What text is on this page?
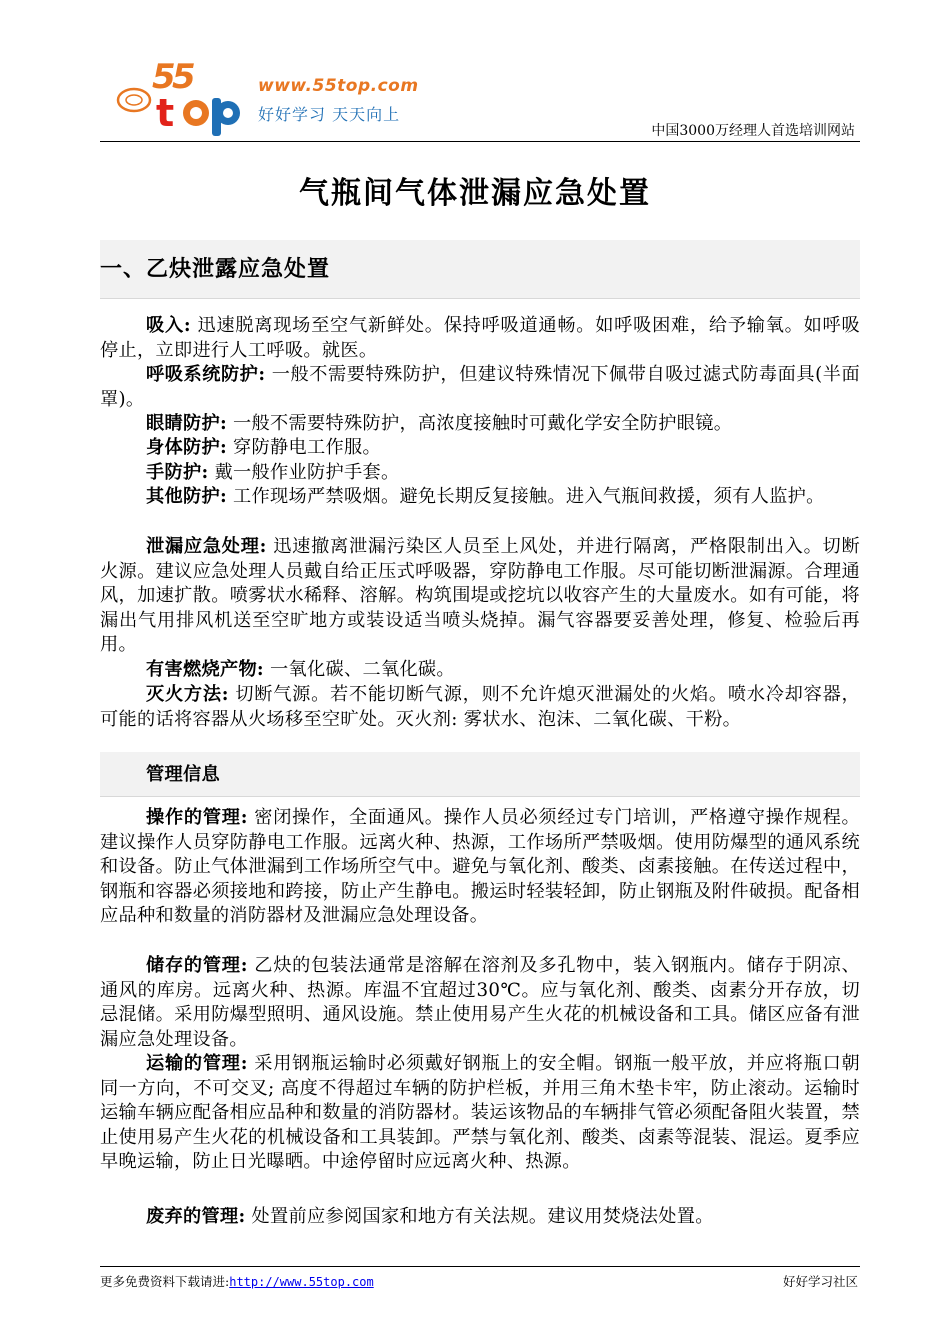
5
5
t
www.55top.com
好好学习 天天向上
中国3000万经理人首选培训网站
气瓶间气体泄漏应急处置
一、乙炔泄露应急处置

吸入: 迅速脱离现场至空气新鲜处。保持呼吸道通畅。如呼吸困难，给予输氧。如呼吸停止，立即进行人工呼吸。就医。

呼吸系统防护: 一般不需要特殊防护，但建议特殊情况下佩带自吸过滤式防毒面具(半面罩)。

眼睛防护: 一般不需要特殊防护，高浓度接触时可戴化学安全防护眼镜。

身体防护: 穿防静电工作服。

手防护: 戴一般作业防护手套。

其他防护: 工作现场严禁吸烟。避免长期反复接触。进入气瓶间救援，须有人监护。

泄漏应急处理: 迅速撤离泄漏污染区人员至上风处，并进行隔离，严格限制出入。切断火源。建议应急处理人员戴自给正压式呼吸器，穿防静电工作服。尽可能切断泄漏源。合理通风，加速扩散。喷雾状水稀释、溶解。构筑围堤或挖坑以收容产生的大量废水。如有可能，将漏出气用排风机送至空旷地方或装设适当喷头烧掉。漏气容器要妥善处理，修复、检验后再用。

有害燃烧产物: 一氧化碳、二氧化碳。

灭火方法: 切断气源。若不能切断气源，则不允许熄灭泄漏处的火焰。喷水冷却容器，可能的话将容器从火场移至空旷处。灭火剂: 雾状水、泡沫、二氧化碳、干粉。

管理信息

操作的管理: 密闭操作，全面通风。操作人员必须经过专门培训，严格遵守操作规程。建议操作人员穿防静电工作服。远离火种、热源，工作场所严禁吸烟。使用防爆型的通风系统和设备。防止气体泄漏到工作场所空气中。避免与氧化剂、酸类、卤素接触。在传送过程中，钢瓶和容器必须接地和跨接，防止产生静电。搬运时轻装轻卸，防止钢瓶及附件破损。配备相应品种和数量的消防器材及泄漏应急处理设备。

储存的管理: 乙炔的包装法通常是溶解在溶剂及多孔物中，装入钢瓶内。储存于阴凉、通风的库房。远离火种、热源。库温不宜超过30℃。应与氧化剂、酸类、卤素分开存放，切忌混储。采用防爆型照明、通风设施。禁止使用易产生火花的机械设备和工具。储区应备有泄漏应急处理设备。

运输的管理: 采用钢瓶运输时必须戴好钢瓶上的安全帽。钢瓶一般平放，并应将瓶口朝同一方向，不可交叉; 高度不得超过车辆的防护栏板，并用三角木垫卡牢，防止滚动。运输时运输车辆应配备相应品种和数量的消防器材。装运该物品的车辆排气管必须配备阻火装置，禁止使用易产生火花的机械设备和工具装卸。严禁与氧化剂、酸类、卤素等混装、混运。夏季应早晚运输，防止日光曝晒。中途停留时应远离火种、热源。

废弃的管理: 处置前应参阅国家和地方有关法规。建议用焚烧法处置。

更多免费资料下载请进:http://www.55top.com	好好学习社区
